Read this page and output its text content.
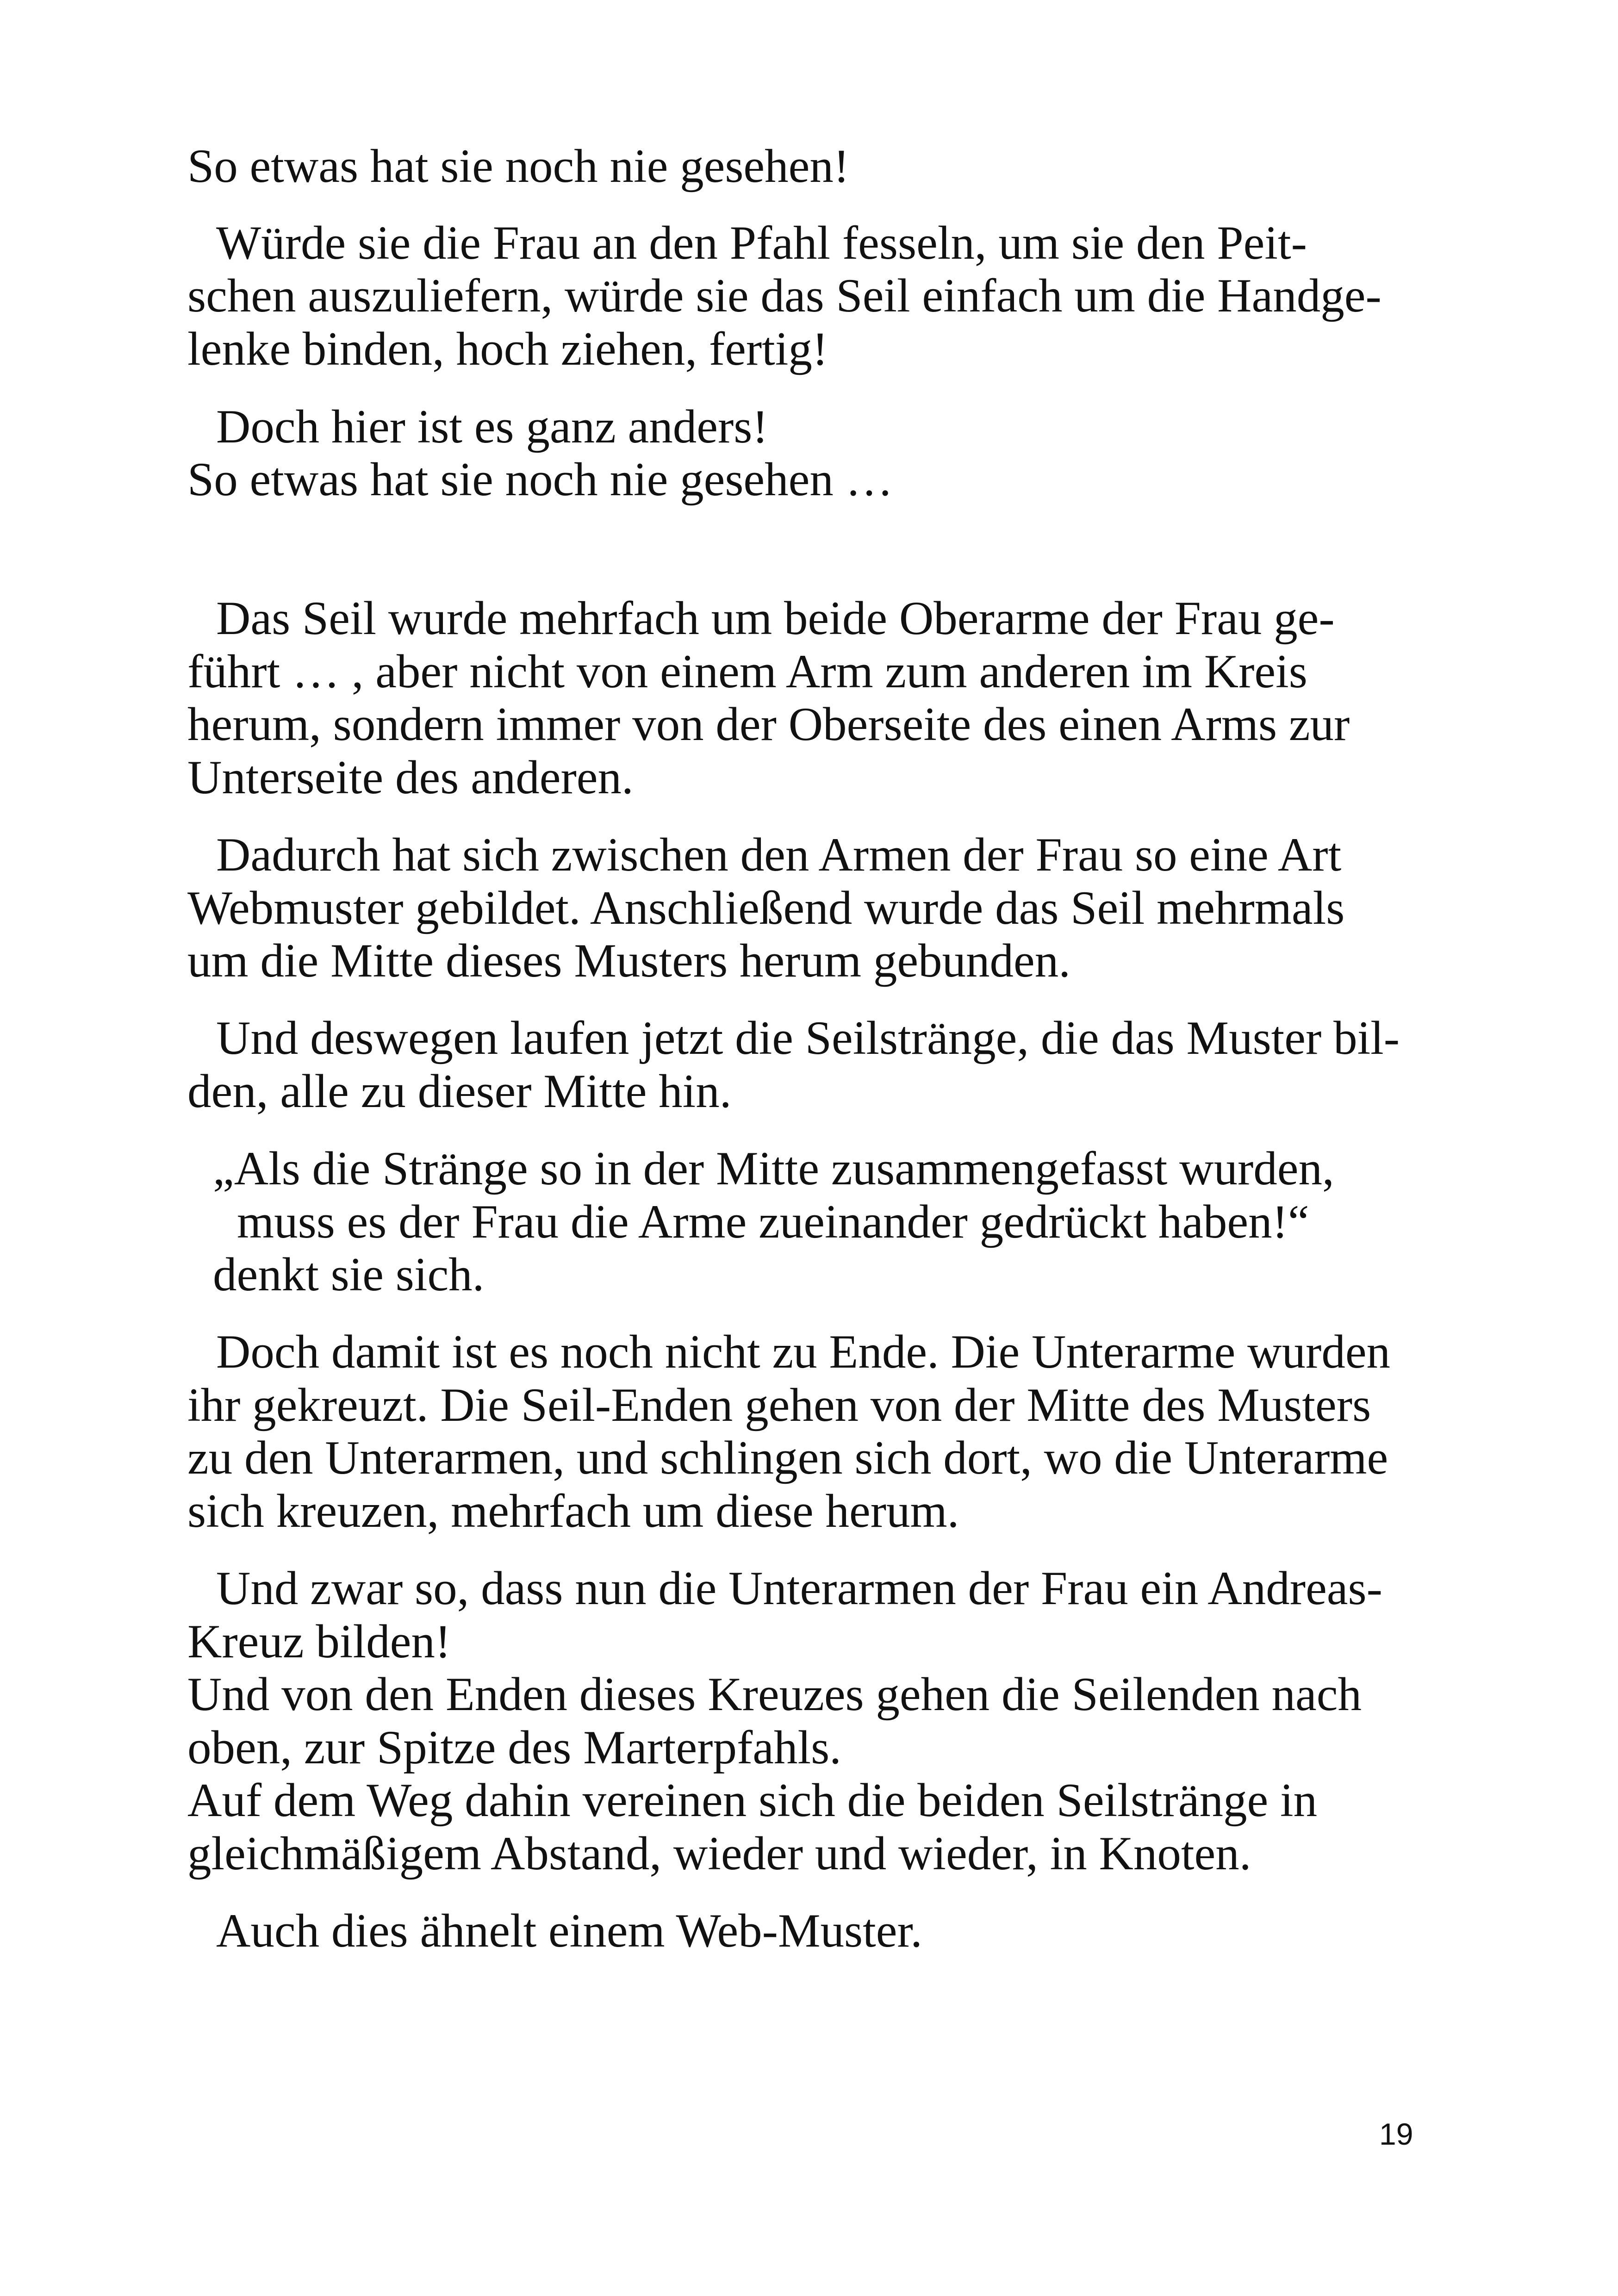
So etwas hat sie noch nie gesehen!

Würde sie die Frau an den Pfahl fesseln, um sie den Peit-

schen auszuliefern, würde sie das Seil einfach um die Handge-

lenke binden, hoch ziehen, fertig!

Doch hier ist es ganz anders!

So etwas hat sie noch nie gesehen …

Das Seil wurde mehrfach um beide Oberarme der Frau ge-

führt … , aber nicht von einem Arm zum anderen im Kreis

herum, sondern immer von der Oberseite des einen Arms zur

Unterseite des anderen.

Dadurch hat sich zwischen den Armen der Frau so eine Art

Webmuster gebildet. Anschließend wurde das Seil mehrmals

um die Mitte dieses Musters herum gebunden.

Und deswegen laufen jetzt die Seilstränge, die das Muster bil-

den, alle zu dieser Mitte hin.

„Als die Stränge so in der Mitte zusammengefasst wurden,

muss es der Frau die Arme zueinander gedrückt haben!“

denkt sie sich.

Doch damit ist es noch nicht zu Ende. Die Unterarme wurden

ihr gekreuzt. Die Seil-Enden gehen von der Mitte des Musters

zu den Unterarmen, und schlingen sich dort, wo die Unterarme

sich kreuzen, mehrfach um diese herum.

Und zwar so, dass nun die Unterarmen der Frau ein Andreas-

Kreuz bilden!

Und von den Enden dieses Kreuzes gehen die Seilenden nach

oben, zur Spitze des Marterpfahls.

Auf dem Weg dahin vereinen sich die beiden Seilstränge in

gleichmäßigem Abstand, wieder und wieder, in Knoten.

Auch dies ähnelt einem Web-Muster.

19
